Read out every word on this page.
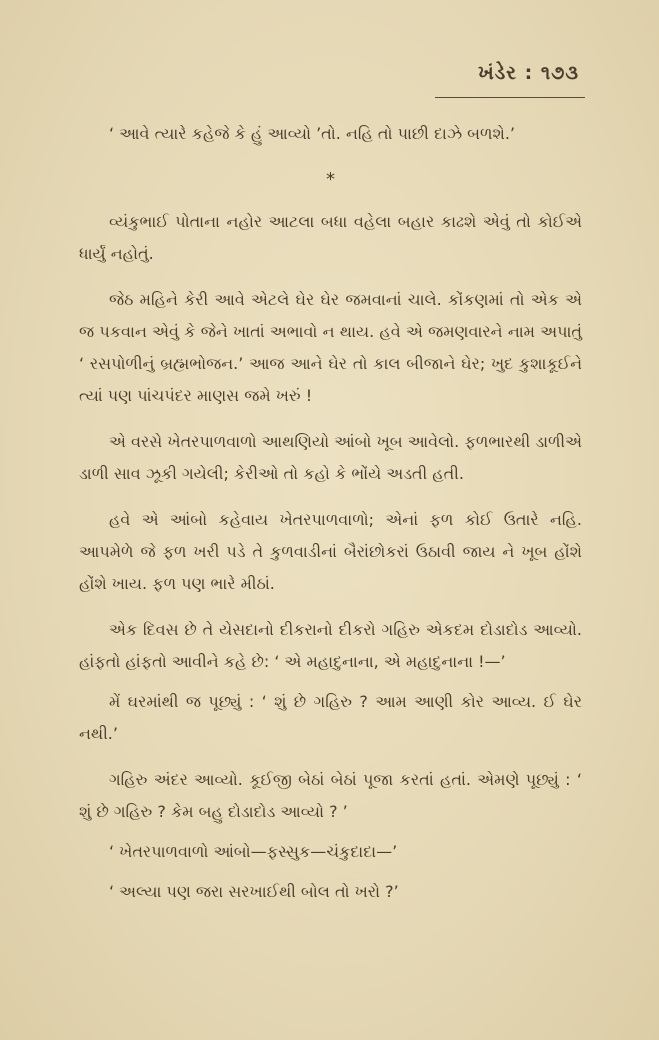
ખંડેર : ૧૭૩

‘ આવે ત્યારે કહેજે કે હું આવ્યો ’તો. નહિ તો પાછી દાઝે બળશે.’

*

વ્યંકુભાઈ પોતાના નહોર આટલા બધા વહેલા બહાર કાઢશે એવું તો કોઈએ ધાર્યું નહોતું.

જેઠ મહિને કેરી આવે એટલે ઘેર ઘેર જમવાનાં ચાલે. કોંકણમાં તો એક એ જ પકવાન એવું કે જેને ખાતાં અભાવો ન થાય. હવે એ જમણવારને નામ અપાતું ‘ રસપોળીનું બ્રહ્મભોજન.’ આજ આને ઘેર તો કાલ બીજાને ઘેર; ખુદ કુશાકૂઈને ત્યાં પણ પાંચપંદર માણસ જમે ખરું !

એ વરસે ખેતરપાળવાળો આથણિયો આંબો ખૂબ આવેલો. ફળભારથી ડાળીએ ડાળી સાવ ઝૂકી ગયેલી; કેરીઓ તો કહો કે ભોંયે અડતી હતી.

હવે એ આંબો કહેવાય ખેતરપાળવાળો; એનાં ફળ કોઈ ઉતારે નહિ. આપમેળે જે ફળ ખરી પડે તે કુળવાડીનાં બૈરાંછોકરાં ઉઠાવી જાય ને ખૂબ હોંશે હોંશે ખાય. ફળ પણ ભારે મીઠાં.

એક દિવસ છે તે યેસદાનો દીકરાનો દીકરો ગહિરુ એકદમ દોડાદોડ આવ્યો. હાંફતો હાંફતો આવીને કહે છે: ‘ એ મહાદુનાના, એ મહાદુનાના !—’

મેં ઘરમાંથી જ પૂછ્યું : ‘ શું છે ગહિરુ ? આમ આણી કોર આવ્ય. ઈ ઘેર નથી.’

ગહિરુ અંદર આવ્યો. કૂઈજી બેઠાં બેઠાં પૂજા કરતાં હતાં. એમણે પૂછ્યું : ‘ શું છે ગહિરુ ? કેમ બહુ દોડાદોડ આવ્યો ? ’

‘ ખેતરપાળવાળો આંબો—ફસ્સુક—ચંકુદાદા—’

‘ અલ્યા પણ જરા સરખાઈથી બોલ તો ખરો ?’
